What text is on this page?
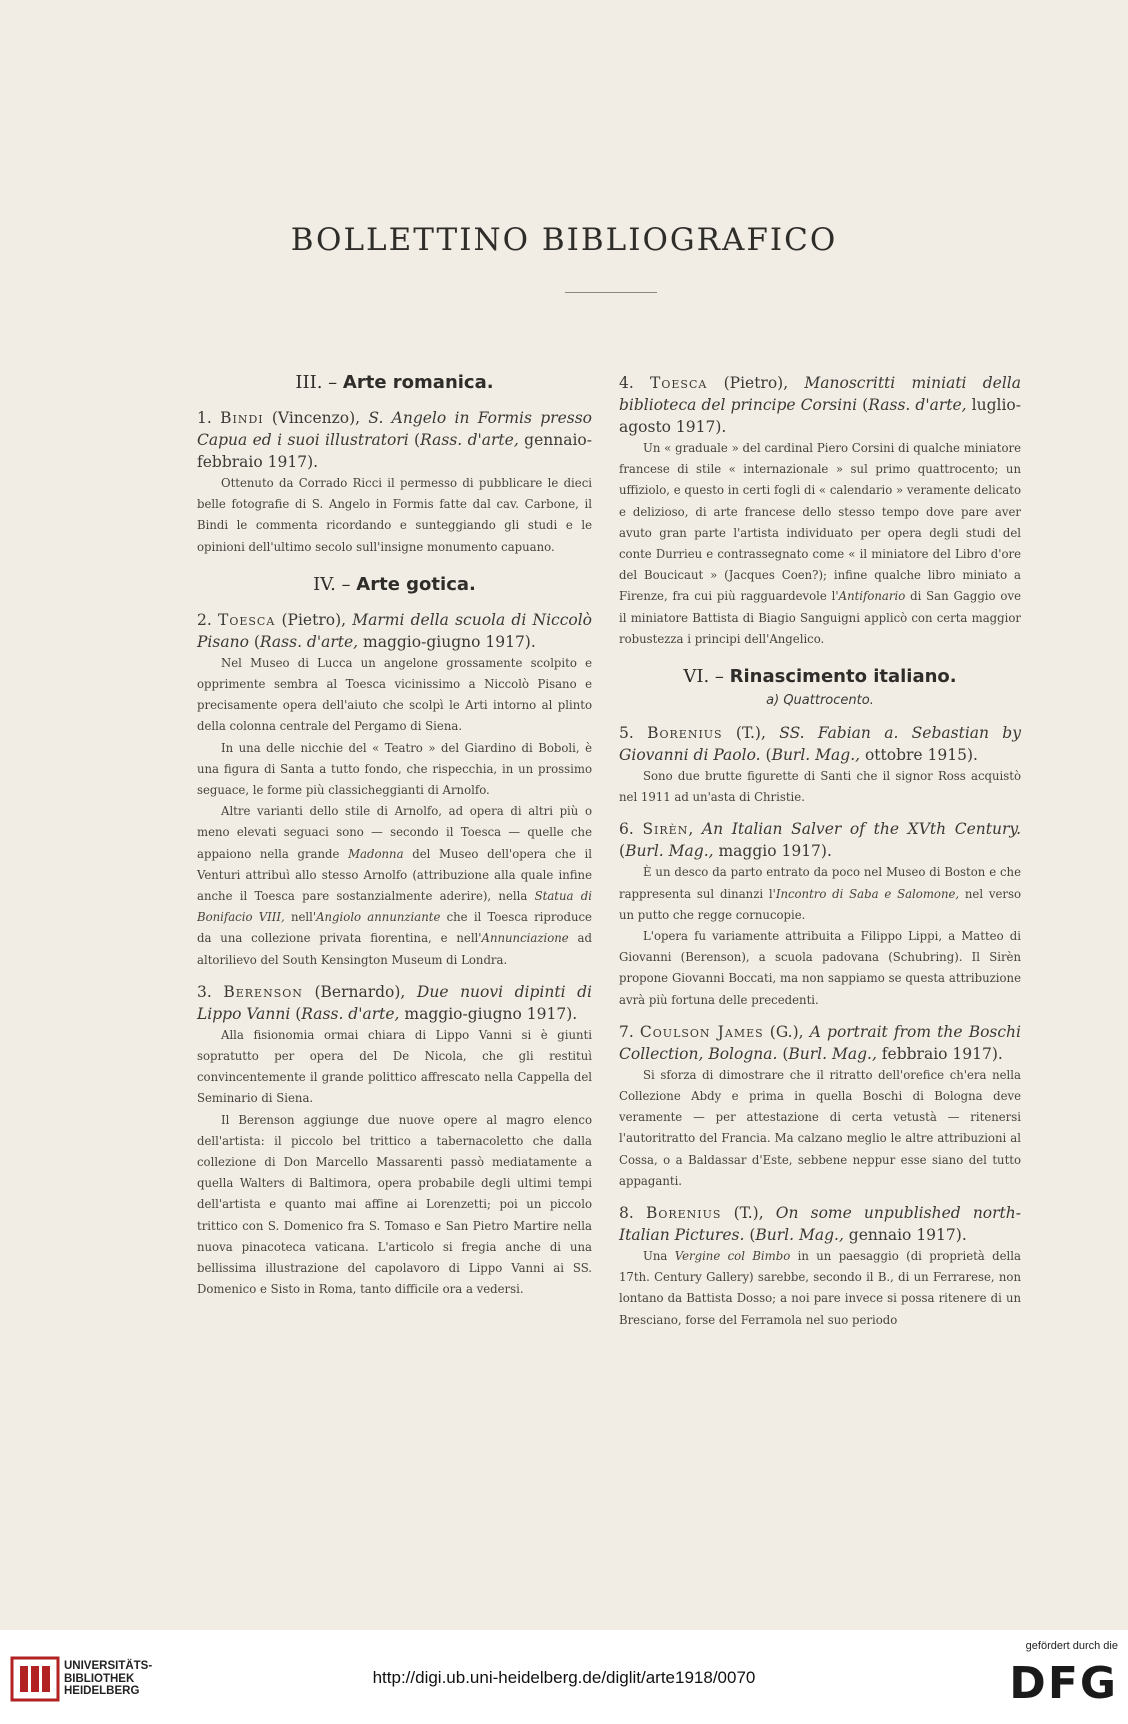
BOLLETTINO BIBLIOGRAFICO
III. – Arte romanica.

1. Bindi (Vincenzo), S. Angelo in Formis presso Capua ed i suoi illustratori (Rass. d'arte, gennaio-febbraio 1917).

Ottenuto da Corrado Ricci il permesso di pubblicare le dieci belle fotografie di S. Angelo in Formis fatte dal cav. Carbone, il Bindi le commenta ricordando e sunteggiando gli studi e le opinioni dell'ultimo secolo sull'insigne monumento capuano.

IV. – Arte gotica.

2. Toesca (Pietro), Marmi della scuola di Niccolò Pisano (Rass. d'arte, maggio-giugno 1917).

Nel Museo di Lucca un angelone grossamente scolpito e opprimente sembra al Toesca vicinissimo a Niccolò Pisano e precisamente opera dell'aiuto che scolpì le Arti intorno al plinto della colonna centrale del Pergamo di Siena.

In una delle nicchie del « Teatro » del Giardino di Boboli, è una figura di Santa a tutto fondo, che rispecchia, in un prossimo seguace, le forme più classicheggianti di Arnolfo.

Altre varianti dello stile di Arnolfo, ad opera di altri più o meno elevati seguaci sono — secondo il Toesca — quelle che appaiono nella grande Madonna del Museo dell'opera che il Venturi attribuì allo stesso Arnolfo (attribuzione alla quale infine anche il Toesca pare sostanzialmente aderire), nella Statua di Bonifacio VIII, nell'Angiolo annunziante che il Toesca riproduce da una collezione privata fiorentina, e nell'Annunciazione ad altorilievo del South Kensington Museum di Londra.

3. Berenson (Bernardo), Due nuovi dipinti di Lippo Vanni (Rass. d'arte, maggio-giugno 1917).

Alla fisionomia ormai chiara di Lippo Vanni si è giunti sopratutto per opera del De Nicola, che gli restituì convincentemente il grande polittico affrescato nella Cappella del Seminario di Siena.

Il Berenson aggiunge due nuove opere al magro elenco dell'artista: il piccolo bel trittico a tabernacoletto che dalla collezione di Don Marcello Massarenti passò mediatamente a quella Walters di Baltimora, opera probabile degli ultimi tempi dell'artista e quanto mai affine ai Lorenzetti; poi un piccolo trittico con S. Domenico fra S. Tomaso e San Pietro Martire nella nuova pinacoteca vaticana. L'articolo si fregia anche di una bellissima illustrazione del capolavoro di Lippo Vanni ai SS. Domenico e Sisto in Roma, tanto difficile ora a vedersi.

4. Toesca (Pietro), Manoscritti miniati della biblioteca del principe Corsini (Rass. d'arte, luglio-agosto 1917).

Un « graduale » del cardinal Piero Corsini di qualche miniatore francese di stile « internazionale » sul primo quattrocento; un uffiziolo, e questo in certi fogli di « calendario » veramente delicato e delizioso, di arte francese dello stesso tempo dove pare aver avuto gran parte l'artista individuato per opera degli studi del conte Durrieu e contrassegnato come « il miniatore del Libro d'ore del Boucicaut » (Jacques Coen?); infine qualche libro miniato a Firenze, fra cui più ragguardevole l'Antifonario di San Gaggio ove il miniatore Battista di Biagio Sanguigni applicò con certa maggior robustezza i principi dell'Angelico.

VI. – Rinascimento italiano.
a) Quattrocento.

5. Borenius (T.), SS. Fabian a. Sebastian by Giovanni di Paolo. (Burl. Mag., ottobre 1915).

Sono due brutte figurette di Santi che il signor Ross acquistò nel 1911 ad un'asta di Christie.

6. Sirèn, An Italian Salver of the XVth Century. (Burl. Mag., maggio 1917).

È un desco da parto entrato da poco nel Museo di Boston e che rappresenta sul dinanzi l'Incontro di Saba e Salomone, nel verso un putto che regge cornucopie.

L'opera fu variamente attribuita a Filippo Lippi, a Matteo di Giovanni (Berenson), a scuola padovana (Schubring). Il Sirèn propone Giovanni Boccati, ma non sappiamo se questa attribuzione avrà più fortuna delle precedenti.

7. Coulson James (G.), A portrait from the Boschi Collection, Bologna. (Burl. Mag., febbraio 1917).

Si sforza di dimostrare che il ritratto dell'orefice ch'era nella Collezione Abdy e prima in quella Boschi di Bologna deve veramente — per attestazione di certa vetustà — ritenersi l'autoritratto del Francia. Ma calzano meglio le altre attribuzioni al Cossa, o a Baldassar d'Este, sebbene neppur esse siano del tutto appaganti.

8. Borenius (T.), On some unpublished north-Italian Pictures. (Burl. Mag., gennaio 1917).

Una Vergine col Bimbo in un paesaggio (di proprietà della 17th. Century Gallery) sarebbe, secondo il B., di un Ferrarese, non lontano da Battista Dosso; a noi pare invece si possa ritenere di un Bresciano, forse del Ferramola nel suo periodo

UNIVERSITÄTS-
BIBLIOTHEK
HEIDELBERG
http://digi.ub.uni-heidelberg.de/diglit/arte1918/0070
gefördert durch die
DFG
